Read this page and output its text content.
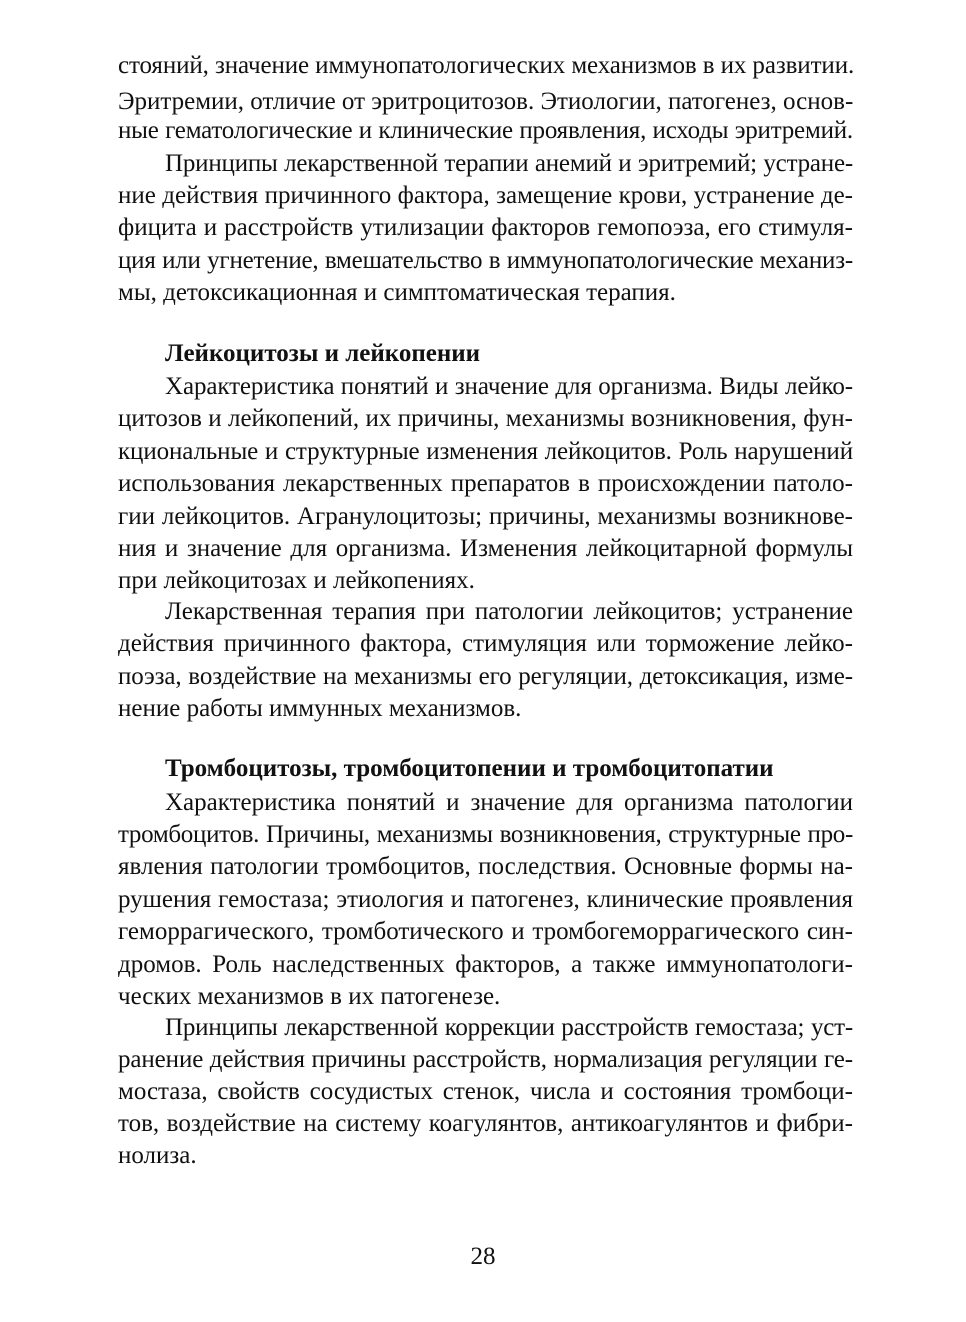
стояний, значение иммунопатологических механизмов в их развитии.
Эритремии, отличие от эритроцитозов. Этиологии, патогенез, основ-
ные гематологические и клинические проявления, исходы эритремий.
Принципы лекарственной терапии анемий и эритремий; устране-
ние действия причинного фактора, замещение крови, устранение де-
фицита и расстройств утилизации факторов гемопоэза, его стимуля-
ция или угнетение, вмешательство в иммунопатологические механиз-
мы, детоксикационная и симптоматическая терапия.
Лейкоцитозы и лейкопении
Характеристика понятий и значение для организма. Виды лейко-
цитозов и лейкопений, их причины, механизмы возникновения, фун-
кциональные и структурные изменения лейкоцитов. Роль нарушений
использования лекарственных препаратов в происхождении патоло-
гии лейкоцитов. Агранулоцитозы; причины, механизмы возникнове-
ния и значение для организма. Изменения лейкоцитарной формулы
при лейкоцитозах и лейкопениях.
Лекарственная терапия при патологии лейкоцитов; устранение
действия причинного фактора, стимуляция или торможение лейко-
поэза, воздействие на механизмы его регуляции, детоксикация, изме-
нение работы иммунных механизмов.
Тромбоцитозы, тромбоцитопении и тромбоцитопатии
Характеристика понятий и значение для организма патологии
тромбоцитов. Причины, механизмы возникновения, структурные про-
явления патологии тромбоцитов, последствия. Основные формы на-
рушения гемостаза; этиология и патогенез, клинические проявления
геморрагического, тромботического и тромбогеморрагического син-
дромов. Роль наследственных факторов, а также иммунопатологи-
ческих механизмов в их патогенезе.
Принципы лекарственной коррекции расстройств гемостаза; уст-
ранение действия причины расстройств, нормализация регуляции ге-
мостаза, свойств сосудистых стенок, числа и состояния тромбоци-
тов, воздействие на систему коагулянтов, антикоагулянтов и фибри-
нолиза.
28
